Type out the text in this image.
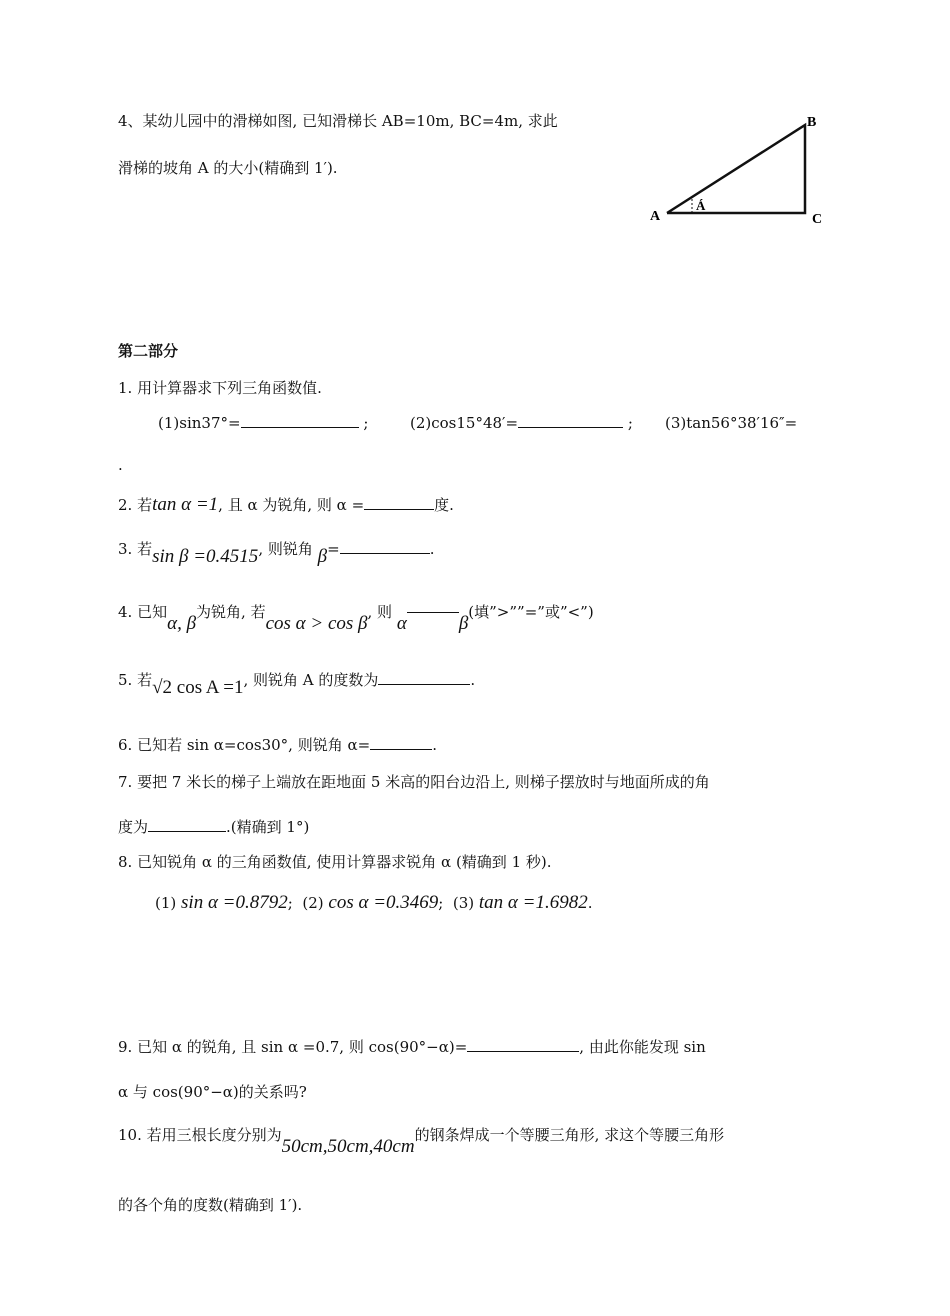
4、某幼儿园中的滑梯如图, 已知滑梯长 AB=10m, BC=4m, 求此
滑梯的坡角 A 的大小(精确到 1′).
B
A	C
Á
第二部分
1. 用计算器求下列三角函数值.
(1)sin37°=	;	(2)cos15°48′=	; (3)tan56°38′16″=
.
2. 若tan α =1, 且 α 为锐角, 则 α =	度.
3. 若sin β =0.4515, 则锐角 β=	.
4. 已知α, β为锐角, 若cos α > cos β, 则 α	β(填”>””=”或”<”)
5. 若√2 cos A =1, 则锐角 A 的度数为	.
6. 已知若 sin α=cos30°, 则锐角 α=	.
7. 要把 7 米长的梯子上端放在距地面 5 米高的阳台边沿上, 则梯子摆放时与地面所成的角
度为	.(精确到 1°)
8. 已知锐角 α 的三角函数值, 使用计算器求锐角 α (精确到 1 秒).
(1) sin α =0.8792; (2) cos α =0.3469; (3) tan α =1.6982.
9. 已知 α 的锐角, 且 sin α =0.7, 则 cos(90°−α)=	, 由此你能发现 sin
α 与 cos(90°−α)的关系吗?
10. 若用三根长度分别为50cm,50cm,40cm的钢条焊成一个等腰三角形, 求这个等腰三角形
的各个角的度数(精确到 1′).
